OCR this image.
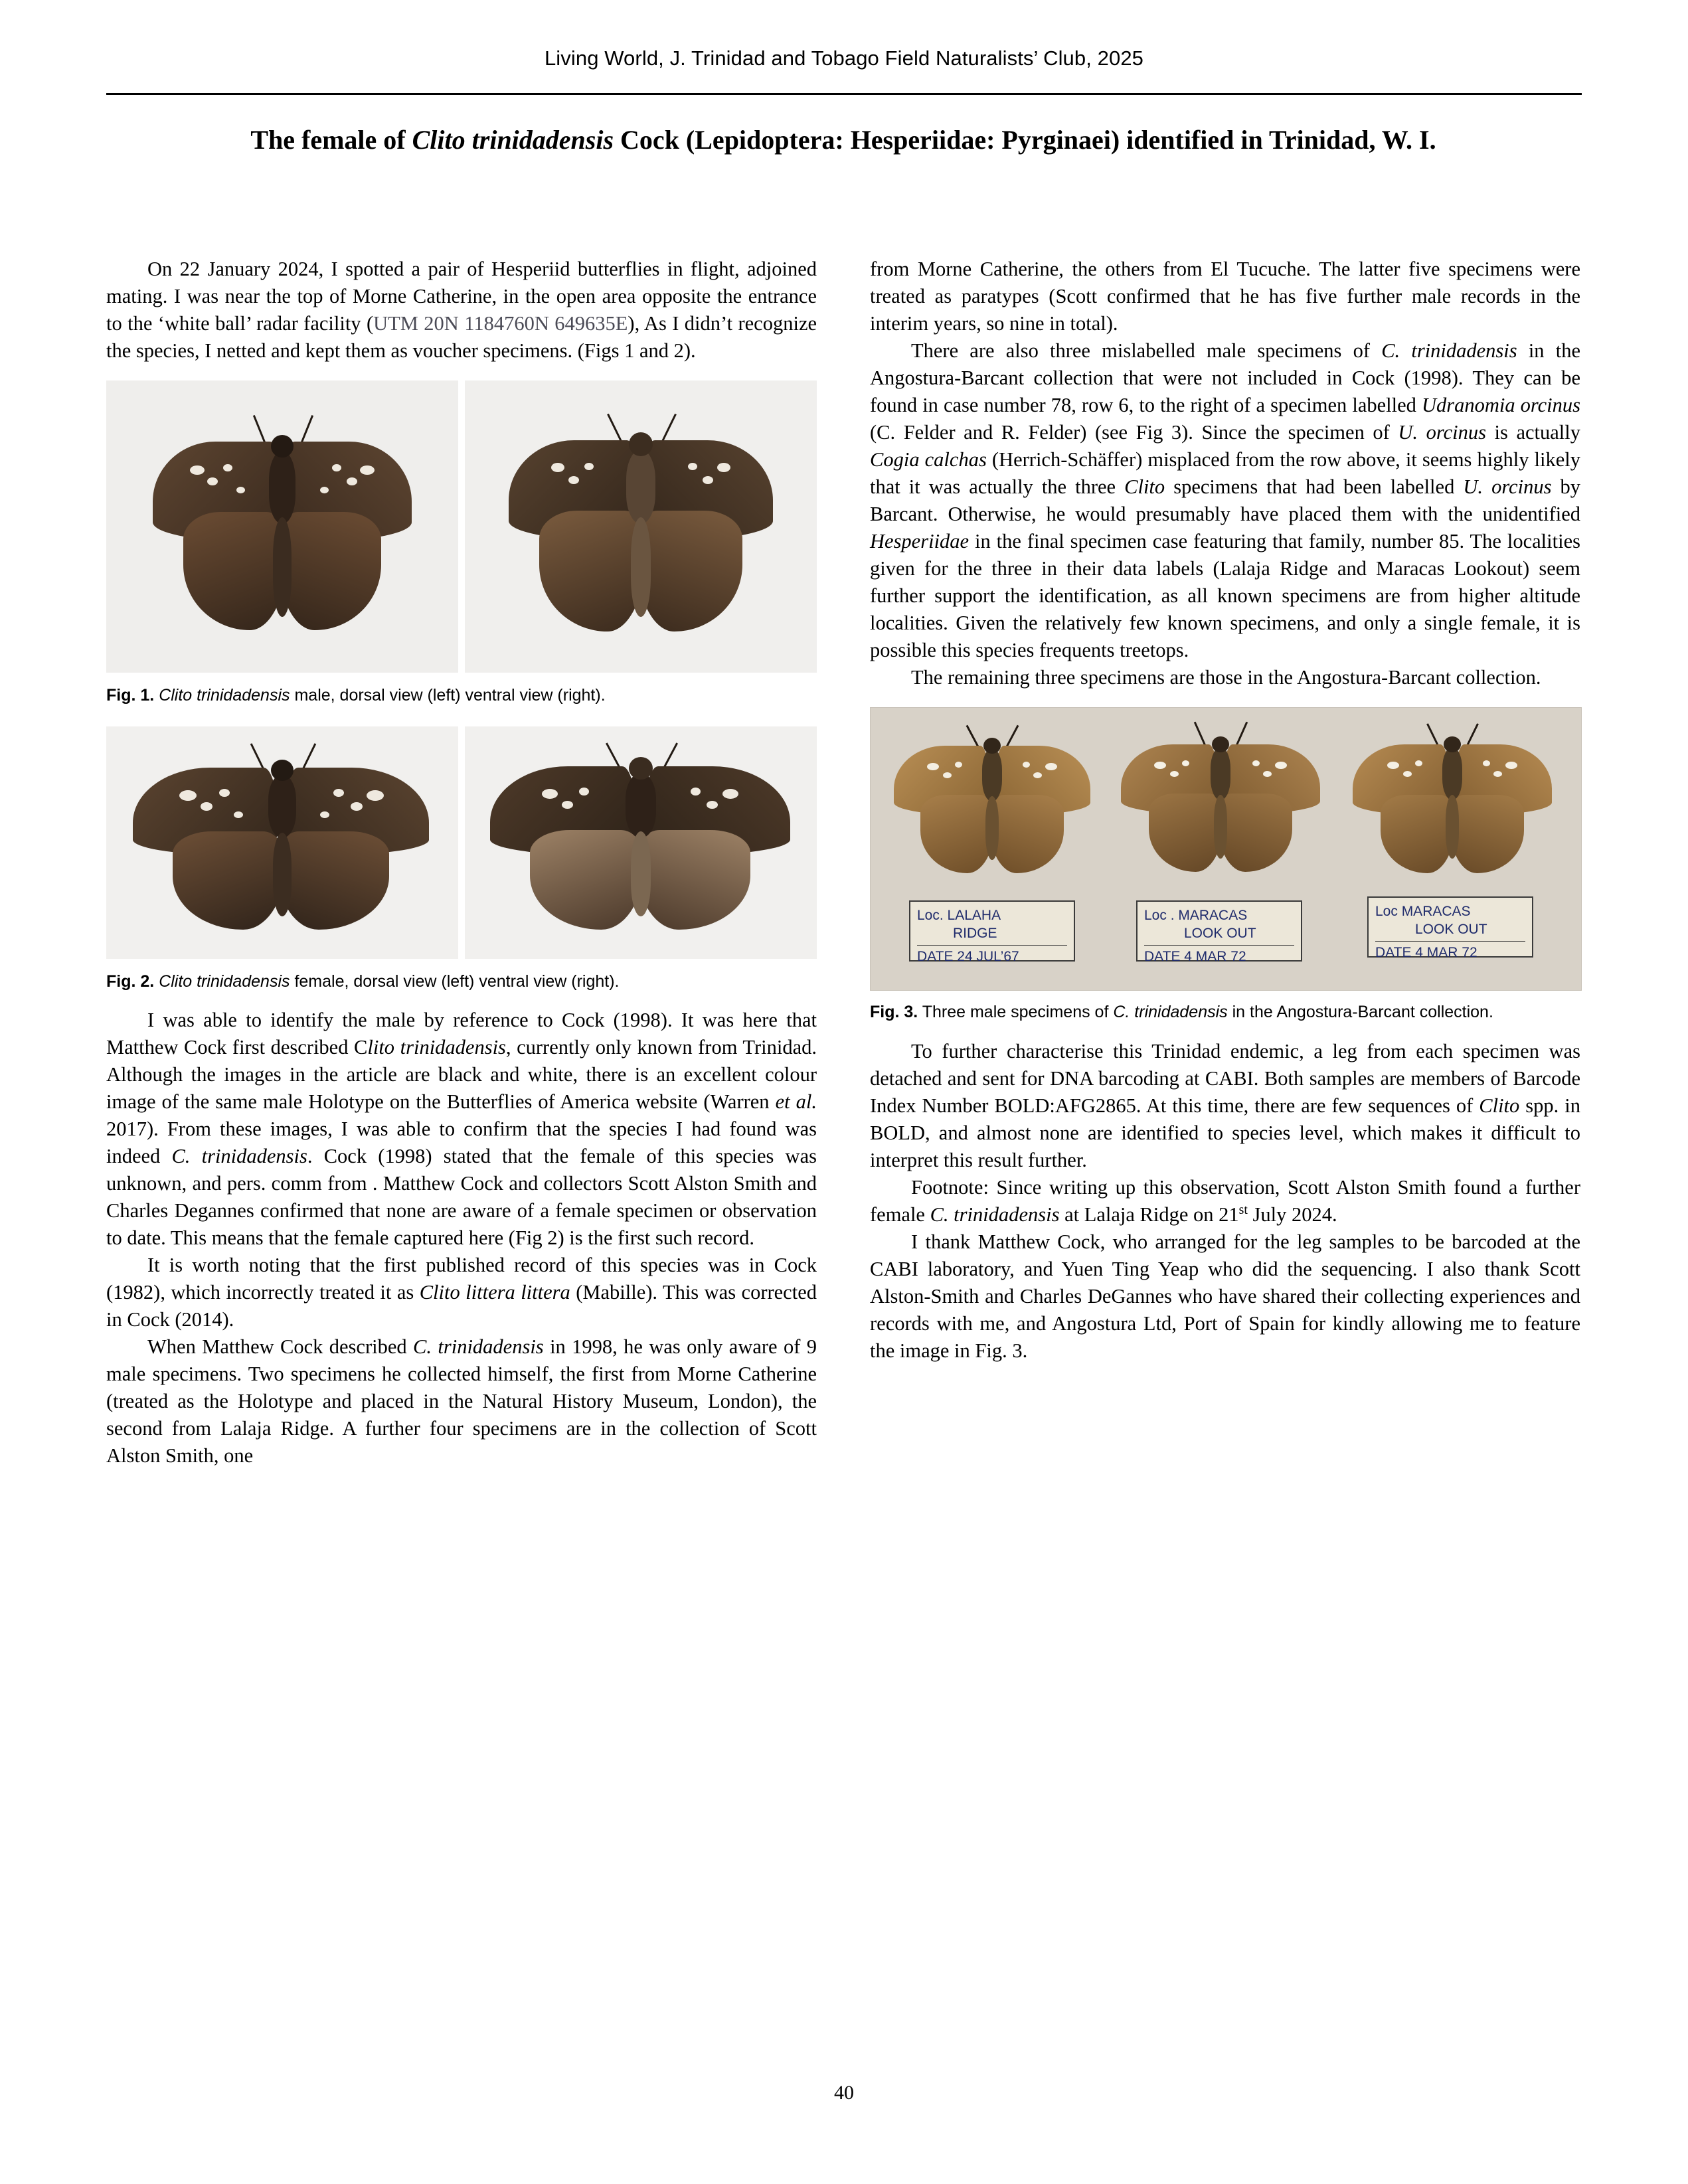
Living World, J. Trinidad and Tobago Field Naturalists’ Club, 2025
The female of Clito trinidadensis Cock (Lepidoptera: Hesperiidae: Pyrginaei) identified in Trinidad, W. I.

On 22 January 2024, I spotted a pair of Hesperiid butterflies in flight, adjoined mating. I was near the top of Morne Catherine, in the open area opposite the entrance to the ‘white ball’ radar facility (UTM 20N 1184760N 649635E), As I didn’t recognize the species, I netted and kept them as voucher specimens. (Figs 1 and 2).

Fig. 1. Clito trinidadensis male, dorsal view (left) ventral view (right).
Fig. 2. Clito trinidadensis female, dorsal view (left) ventral view (right).

I was able to identify the male by reference to Cock (1998). It was here that Matthew Cock first described Clito trinidadensis, currently only known from Trinidad. Although the images in the article are black and white, there is an excellent colour image of the same male Holotype on the Butterflies of America website (Warren et al. 2017). From these images, I was able to confirm that the species I had found was indeed C. trinidadensis. Cock (1998) stated that the female of this species was unknown, and pers. comm from . Matthew Cock and collectors Scott Alston Smith and Charles Degannes confirmed that none are aware of a female specimen or observation to date. This means that the female captured here (Fig 2) is the first such record.

It is worth noting that the first published record of this species was in Cock (1982), which incorrectly treated it as Clito littera littera (Mabille). This was corrected in Cock (2014).

When Matthew Cock described C. trinidadensis in 1998, he was only aware of 9 male specimens. Two specimens he collected himself, the first from Morne Catherine (treated as the Holotype and placed in the Natural History Museum, London), the second from Lalaja Ridge. A further four specimens are in the collection of Scott Alston Smith, one

from Morne Catherine, the others from El Tucuche. The latter five specimens were treated as paratypes (Scott confirmed that he has five further male records in the interim years, so nine in total).

There are also three mislabelled male specimens of C. trinidadensis in the Angostura-Barcant collection that were not included in Cock (1998). They can be found in case number 78, row 6, to the right of a specimen labelled Udranomia orcinus (C. Felder and R. Felder) (see Fig 3). Since the specimen of U. orcinus is actually Cogia calchas (Herrich-Schäffer) misplaced from the row above, it seems highly likely that it was actually the three Clito specimens that had been labelled U. orcinus by Barcant. Otherwise, he would presumably have placed them with the unidentified Hesperiidae in the final specimen case featuring that family, number 85. The localities given for the three in their data labels (Lalaja Ridge and Maracas Lookout) seem further support the identification, as all known specimens are from higher altitude localities. Given the relatively few known specimens, and only a single female, it is possible this species frequents treetops.

The remaining three specimens are those in the Angostura-Barcant collection.

Loc. LALAHA
RIDGE
DATE 24 JUL’67
Loc . MARACAS
LOOK OUT
DATE 4 MAR 72
Loc MARACAS
LOOK OUT
DATE 4 MAR 72
Fig. 3. Three male specimens of C. trinidadensis in the Angostura-Barcant collection.

To further characterise this Trinidad endemic, a leg from each specimen was detached and sent for DNA barcoding at CABI. Both samples are members of Barcode Index Number BOLD:AFG2865. At this time, there are few sequences of Clito spp. in BOLD, and almost none are identified to species level, which makes it difficult to interpret this result further.

Footnote: Since writing up this observation, Scott Alston Smith found a further female C. trinidadensis at Lalaja Ridge on 21st July 2024.

I thank Matthew Cock, who arranged for the leg samples to be barcoded at the CABI laboratory, and Yuen Ting Yeap who did the sequencing. I also thank Scott Alston-Smith and Charles DeGannes who have shared their collecting experiences and records with me, and Angostura Ltd, Port of Spain for kindly allowing me to feature the image in Fig. 3.

40
